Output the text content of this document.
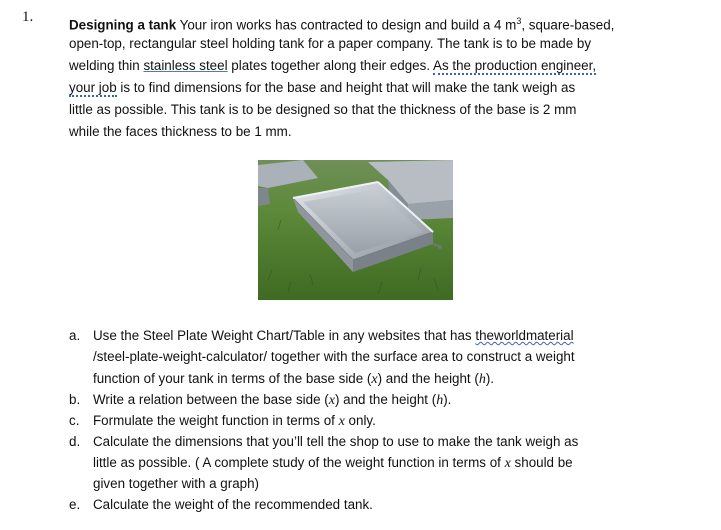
1.	Designing a tank Your iron works has contracted to design and build a 4 $m^3$, square-based,
open-top, rectangular steel holding tank for a paper company. The tank is to be made by
welding thin stainless steel plates together along their edges. As the production engineer,
your job is to find dimensions for the base and height that will make the tank weigh as
little as possible. This tank is to be designed so that the thickness of the base is 2 mm
while the faces thickness to be 1 mm.
a. Use the Steel Plate Weight Chart/Table in any websites that has theworldmaterial
/steel-plate-weight-calculator/ together with the surface area to construct a weight
function of your tank in terms of the base side (x) and the height (h).
b. Write a relation between the base side (x) and the height (h).
c. Formulate the weight function in terms of x only.
d. Calculate the dimensions that you’ll tell the shop to use to make the tank weigh as
little as possible. ( A complete study of the weight function in terms of x should be
given together with a graph)
e. Calculate the weight of the recommended tank.
